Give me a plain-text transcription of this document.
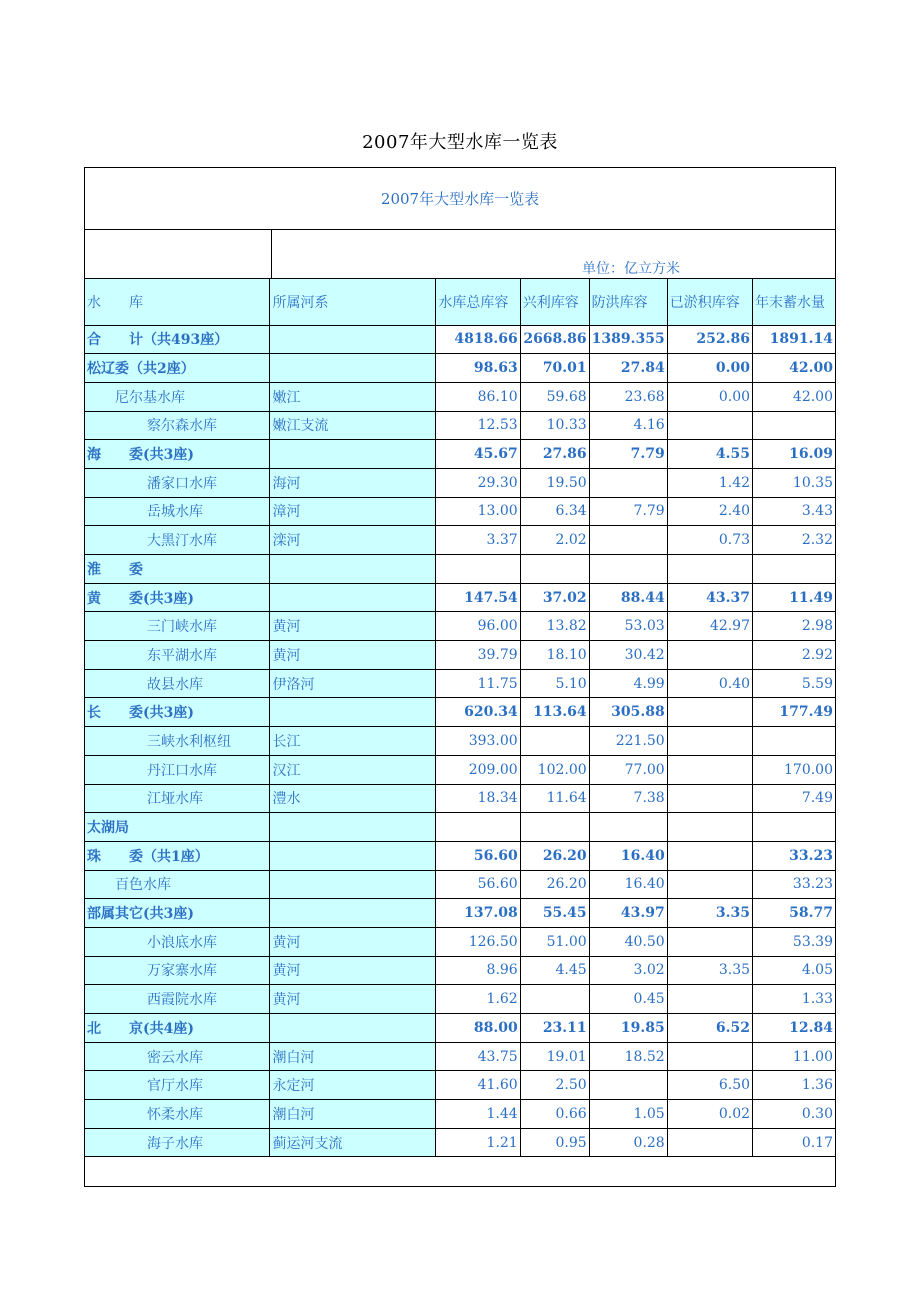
2007年大型水库一览表
2007年大型水库一览表
单位：亿立方米
水　　库	所属河系	水库总库容	兴利库容	防洪库容	已淤积库容	年末蓄水量
合　　计（共493座）		4818.66	2668.86	1389.355	252.86	1891.14
松辽委（共2座）		98.63	70.01	27.84	0.00	42.00
尼尔基水库	嫩江	86.10	59.68	23.68	0.00	42.00
察尔森水库	嫩江支流	12.53	10.33	4.16		
海　　委(共3座)		45.67	27.86	7.79	4.55	16.09
潘家口水库	海河	29.30	19.50		1.42	10.35
岳城水库	漳河	13.00	6.34	7.79	2.40	3.43
大黑汀水库	滦河	3.37	2.02		0.73	2.32
淮　　委						
黄　　委(共3座)		147.54	37.02	88.44	43.37	11.49
三门峡水库	黄河	96.00	13.82	53.03	42.97	2.98
东平湖水库	黄河	39.79	18.10	30.42		2.92
故县水库	伊洛河	11.75	5.10	4.99	0.40	5.59
长　　委(共3座)		620.34	113.64	305.88		177.49
三峡水利枢纽	长江	393.00		221.50		
丹江口水库	汉江	209.00	102.00	77.00		170.00
江垭水库	澧水	18.34	11.64	7.38		7.49
太湖局						
珠　　委（共1座）		56.60	26.20	16.40		33.23
百色水库		56.60	26.20	16.40		33.23
部属其它(共3座)		137.08	55.45	43.97	3.35	58.77
小浪底水库	黄河	126.50	51.00	40.50		53.39
万家寨水库	黄河	8.96	4.45	3.02	3.35	4.05
西霞院水库	黄河	1.62		0.45		1.33
北　　京(共4座)		88.00	23.11	19.85	6.52	12.84
密云水库	潮白河	43.75	19.01	18.52		11.00
官厅水库	永定河	41.60	2.50		6.50	1.36
怀柔水库	潮白河	1.44	0.66	1.05	0.02	0.30
海子水库	蓟运河支流	1.21	0.95	0.28		0.17
